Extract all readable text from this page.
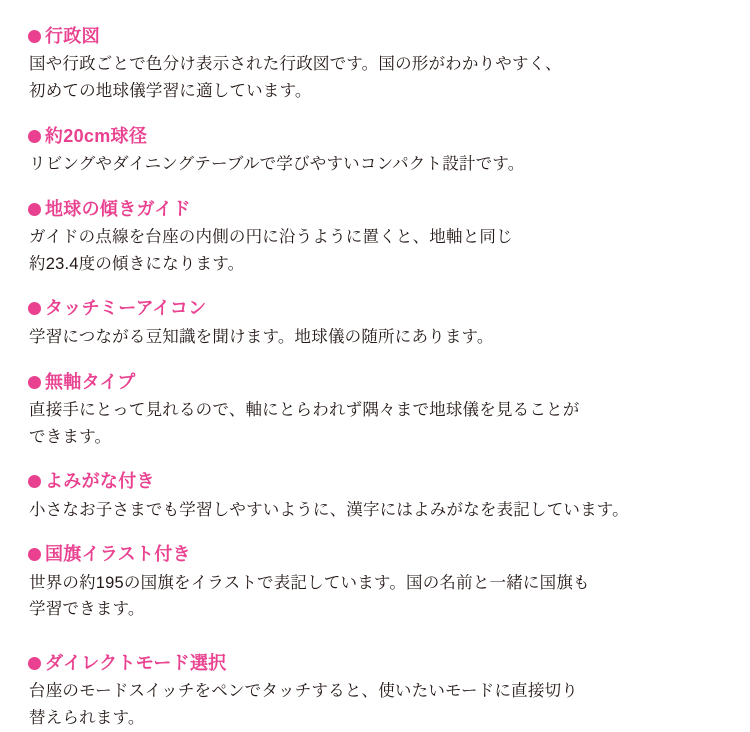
行政図
国や行政ごとで色分け表示された行政図です。国の形がわかりやすく、
初めての地球儀学習に適しています。
約20cm球径
リビングやダイニングテーブルで学びやすいコンパクト設計です。
地球の傾きガイド
ガイドの点線を台座の内側の円に沿うように置くと、地軸と同じ
約23.4度の傾きになります。
タッチミーアイコン
学習につながる豆知識を聞けます。地球儀の随所にあります。
無軸タイプ
直接手にとって見れるので、軸にとらわれず隅々まで地球儀を見ることが
できます。
よみがな付き
小さなお子さまでも学習しやすいように、漢字にはよみがなを表記しています。
国旗イラスト付き
世界の約195の国旗をイラストで表記しています。国の名前と一緒に国旗も
学習できます。
ダイレクトモード選択
台座のモードスイッチをペンでタッチすると、使いたいモードに直接切り
替えられます。
